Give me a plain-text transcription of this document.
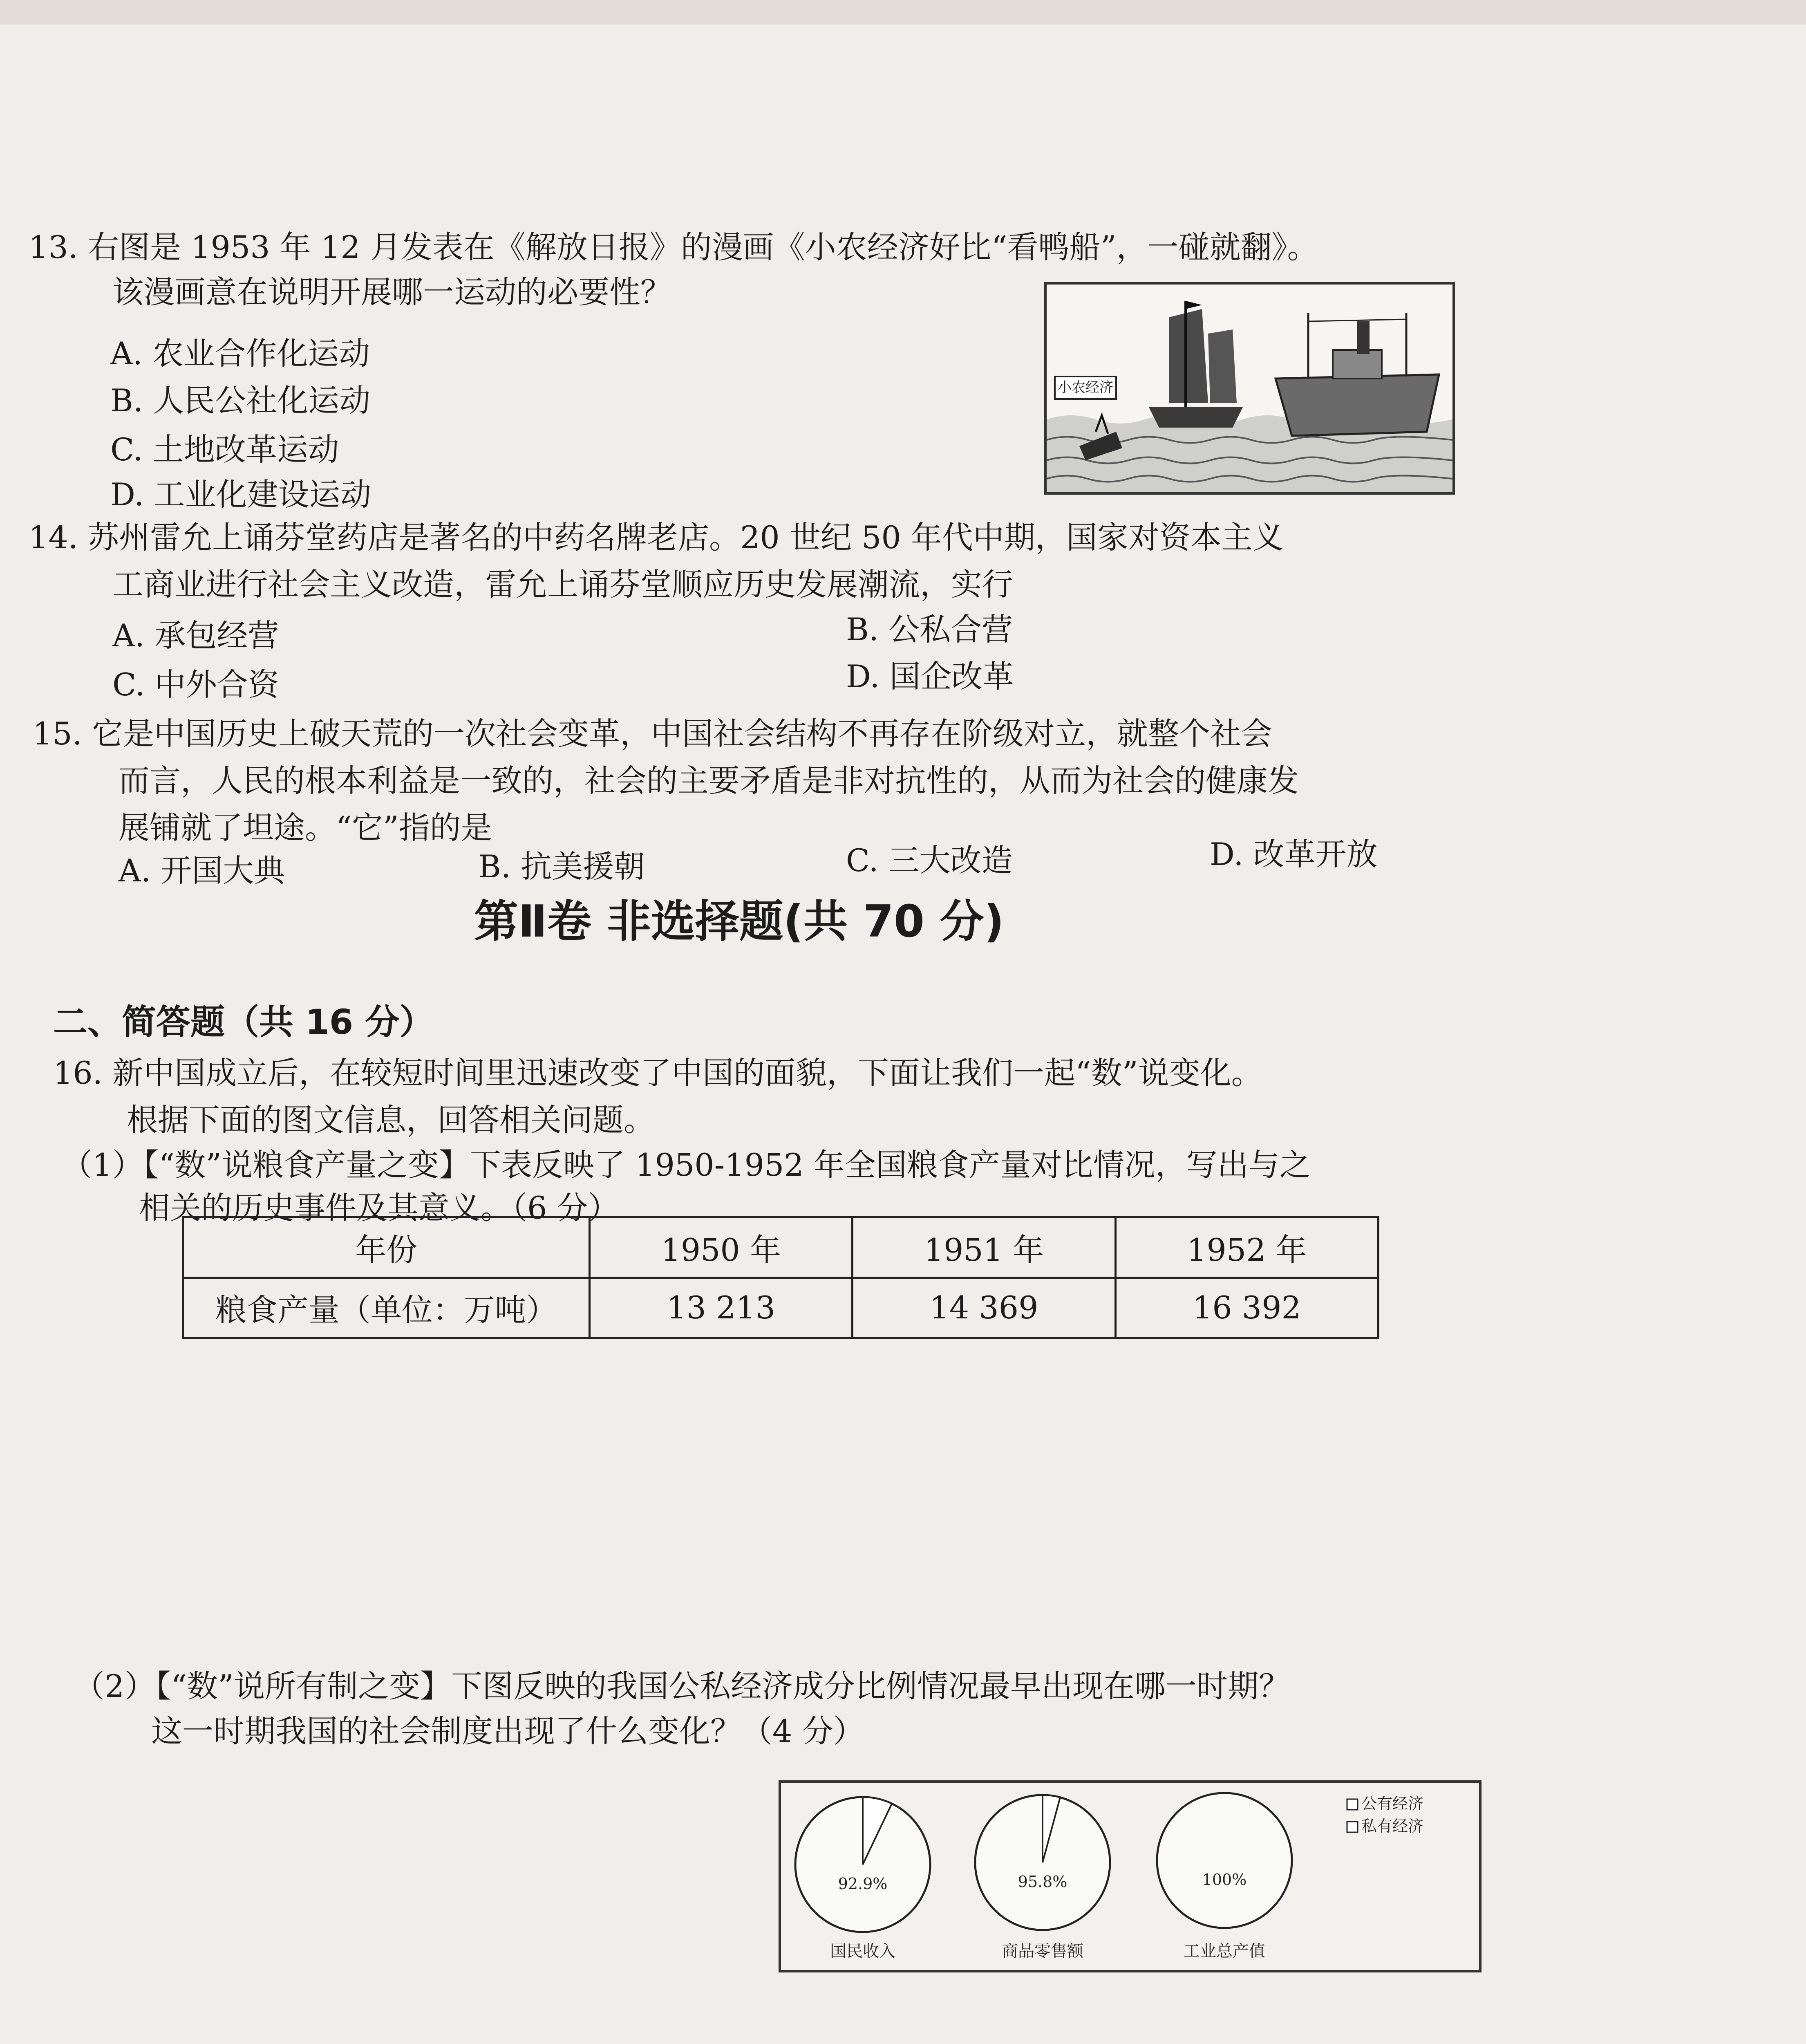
13. 右图是 1953 年 12 月发表在《解放日报》的漫画《小农经济好比“看鸭船”，一碰就翻》。
该漫画意在说明开展哪一运动的必要性？
A. 农业合作化运动
B. 人民公社化运动
C. 土地改革运动
D. 工业化建设运动
小农经济
14. 苏州雷允上诵芬堂药店是著名的中药名牌老店。20 世纪 50 年代中期，国家对资本主义
工商业进行社会主义改造，雷允上诵芬堂顺应历史发展潮流，实行
A. 承包经营	B. 公私合营
C. 中外合资	D. 国企改革
15. 它是中国历史上破天荒的一次社会变革，中国社会结构不再存在阶级对立，就整个社会
而言，人民的根本利益是一致的，社会的主要矛盾是非对抗性的，从而为社会的健康发
展铺就了坦途。“它”指的是
A. 开国大典	B. 抗美援朝	C. 三大改造	D. 改革开放
第Ⅱ卷 非选择题(共 70 分)
二、简答题（共 16 分）
16. 新中国成立后，在较短时间里迅速改变了中国的面貌，下面让我们一起“数”说变化。
根据下面的图文信息，回答相关问题。
（1）【“数”说粮食产量之变】下表反映了 1950-1952 年全国粮食产量对比情况，写出与之
相关的历史事件及其意义。（6 分）
年份	1950 年	1951 年	1952 年
粮食产量（单位：万吨）	13 213	14 369	16 392
（2）【“数”说所有制之变】下图反映的我国公私经济成分比例情况最早出现在哪一时期？
这一时期我国的社会制度出现了什么变化？（4 分）
公有经济
私有经济
92.9%
国民收入
95.8%
商品零售额
100%
工业总产值
